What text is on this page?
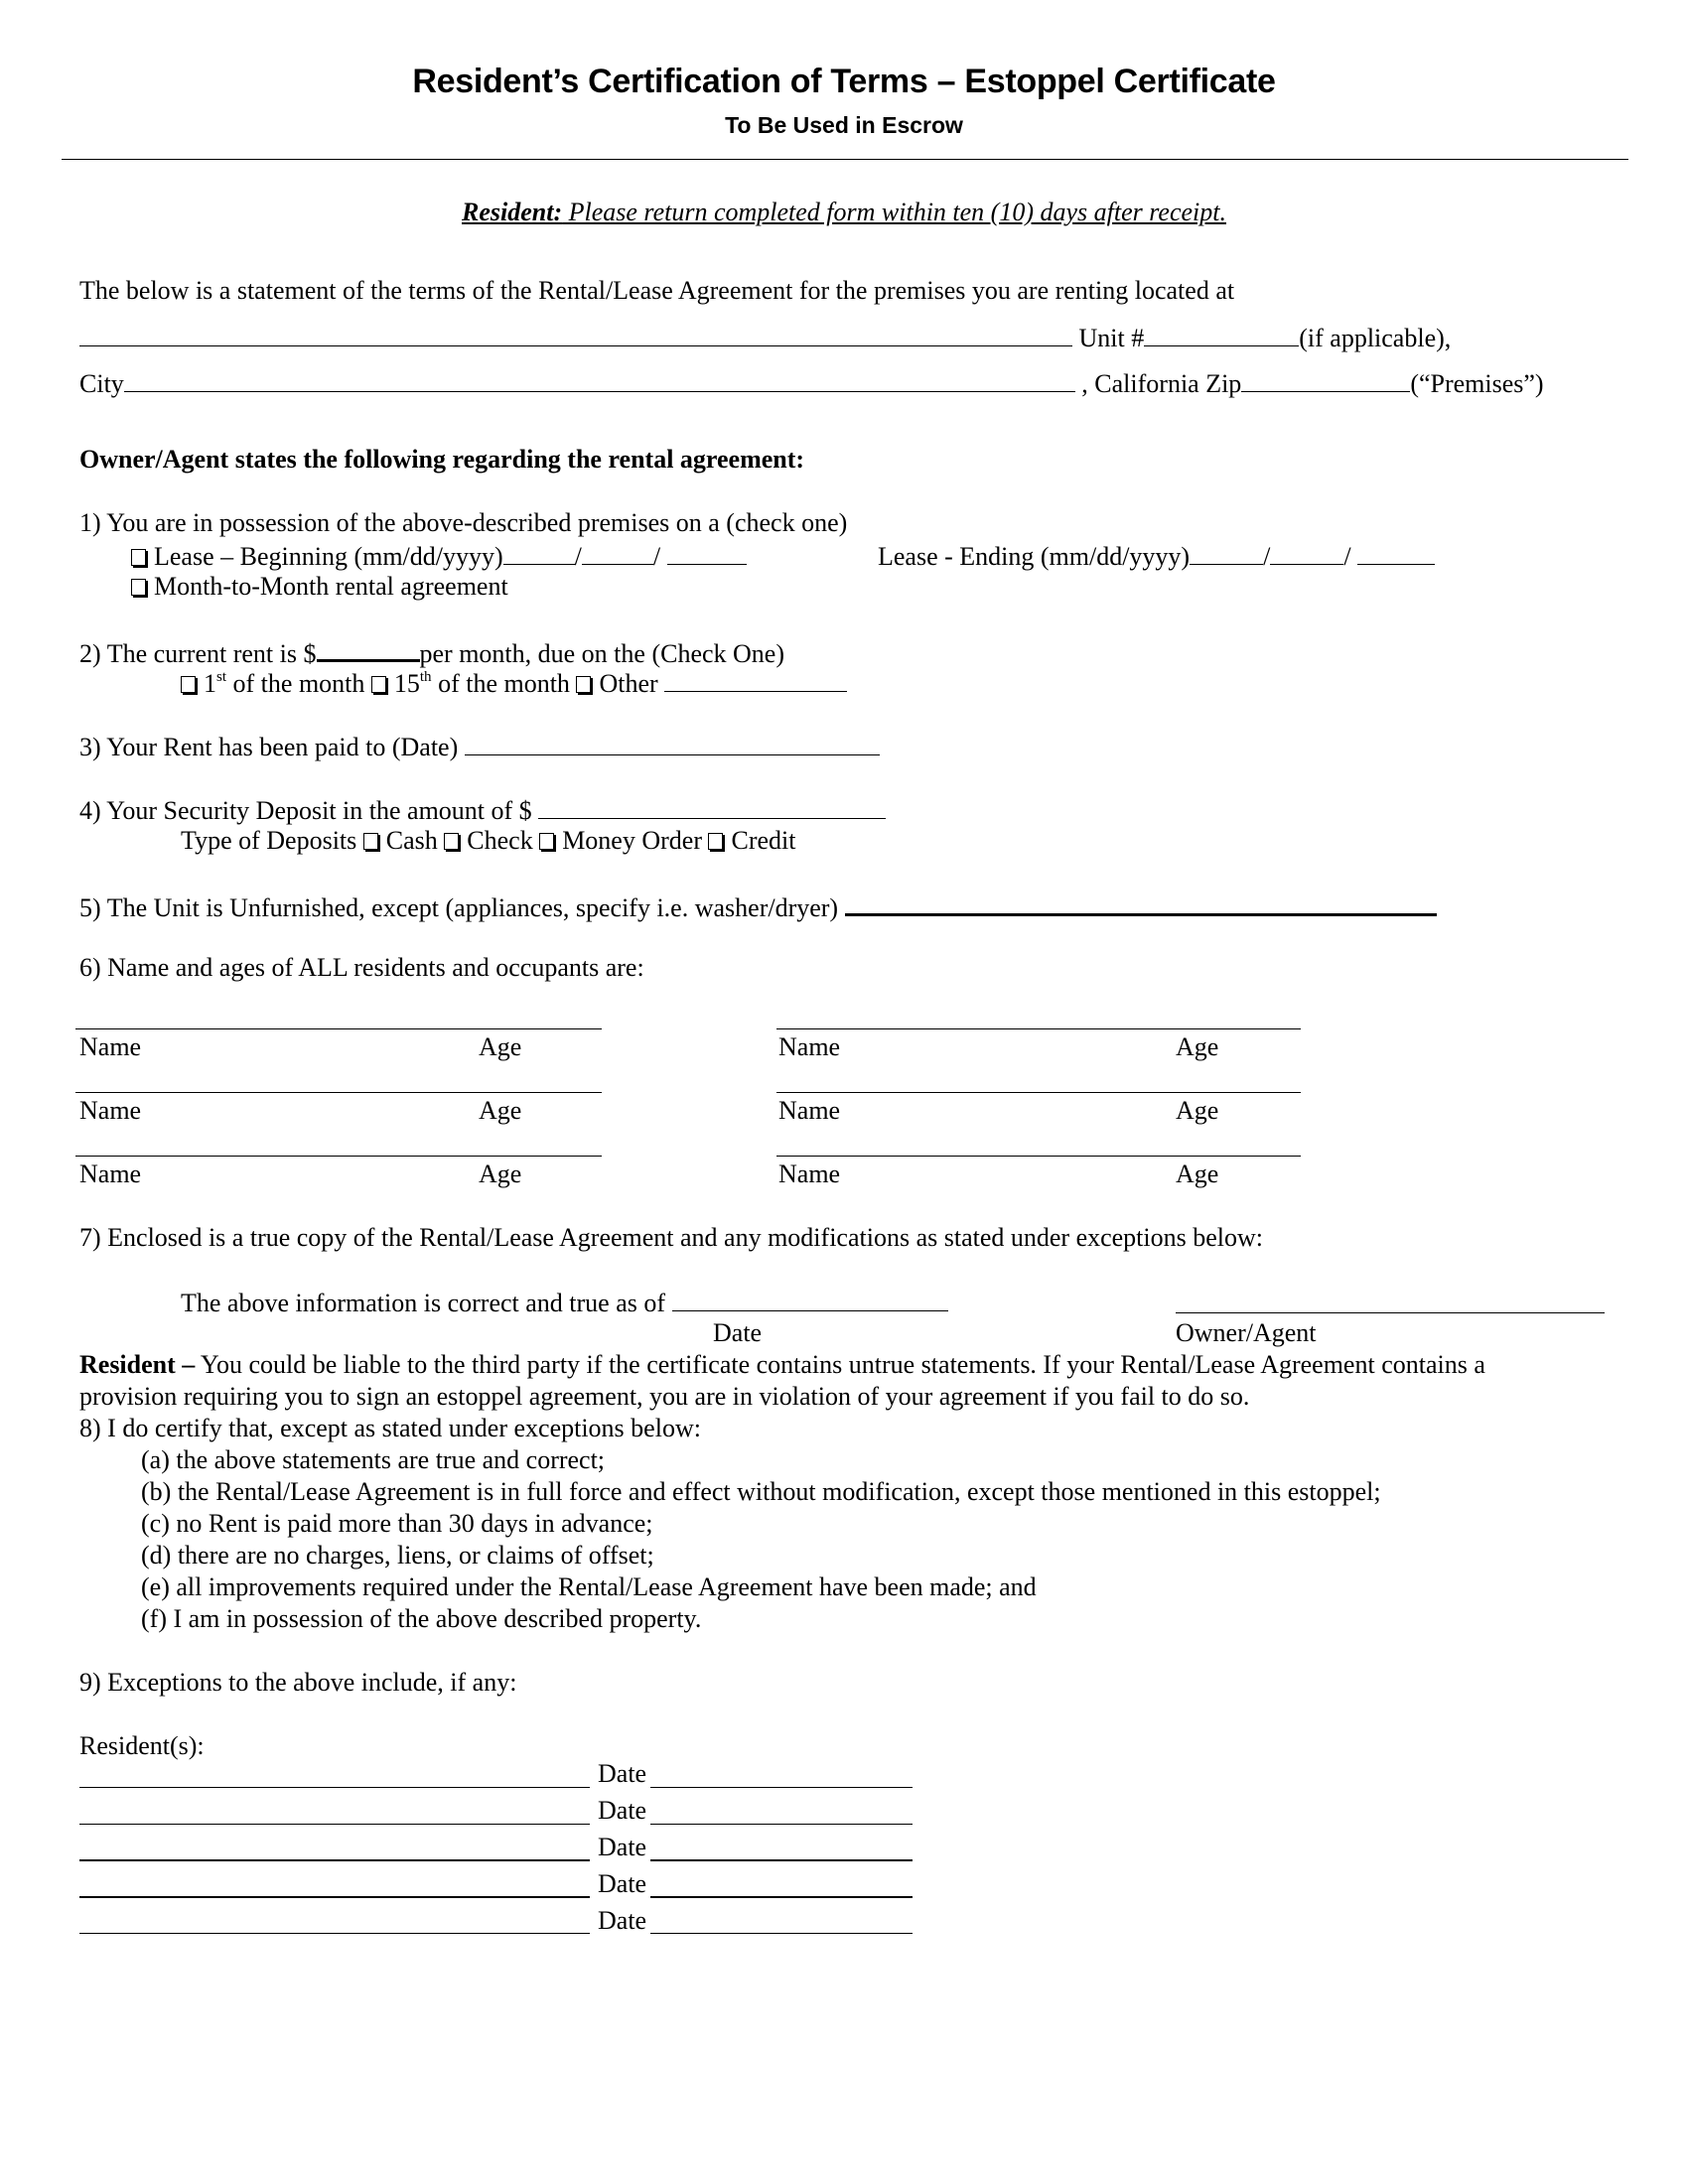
Resident’s Certification of Terms – Estoppel Certificate
To Be Used in Escrow
Resident: Please return completed form within ten (10) days after receipt.
The below is a statement of the terms of the Rental/Lease Agreement for the premises you are renting located at
Unit #	(if applicable),
City	, California Zip	(“Premises”)
Owner/Agent states the following regarding the rental agreement:
1) You are in possession of the above-described premises on a (check one)
Lease – Beginning (mm/dd/yyyy)	/	/	Lease - Ending (mm/dd/yyyy)	/	/
Month-to-Month rental agreement
2) The current rent is $	per month, due on the (Check One)
1st of the month 15th of the month Other
3) Your Rent has been paid to (Date)
4) Your Security Deposit in the amount of $
Type of Deposits Cash Check Money Order Credit
5) The Unit is Unfurnished, except (appliances, specify i.e. washer/dryer)
6) Name and ages of ALL residents and occupants are:
Name	Age	Name	Age
Name	Age	Name	Age
Name	Age	Name	Age
7) Enclosed is a true copy of the Rental/Lease Agreement and any modifications as stated under exceptions below:
The above information is correct and true as of
Date	Owner/Agent
Resident – You could be liable to the third party if the certificate contains untrue statements. If your Rental/Lease Agreement contains a
provision requiring you to sign an estoppel agreement, you are in violation of your agreement if you fail to do so.
8) I do certify that, except as stated under exceptions below:
(a) the above statements are true and correct;
(b) the Rental/Lease Agreement is in full force and effect without modification, except those mentioned in this estoppel;
(c) no Rent is paid more than 30 days in advance;
(d) there are no charges, liens, or claims of offset;
(e) all improvements required under the Rental/Lease Agreement have been made; and
(f) I am in possession of the above described property.
9) Exceptions to the above include, if any:
Resident(s):
Date
Date
Date
Date
Date
